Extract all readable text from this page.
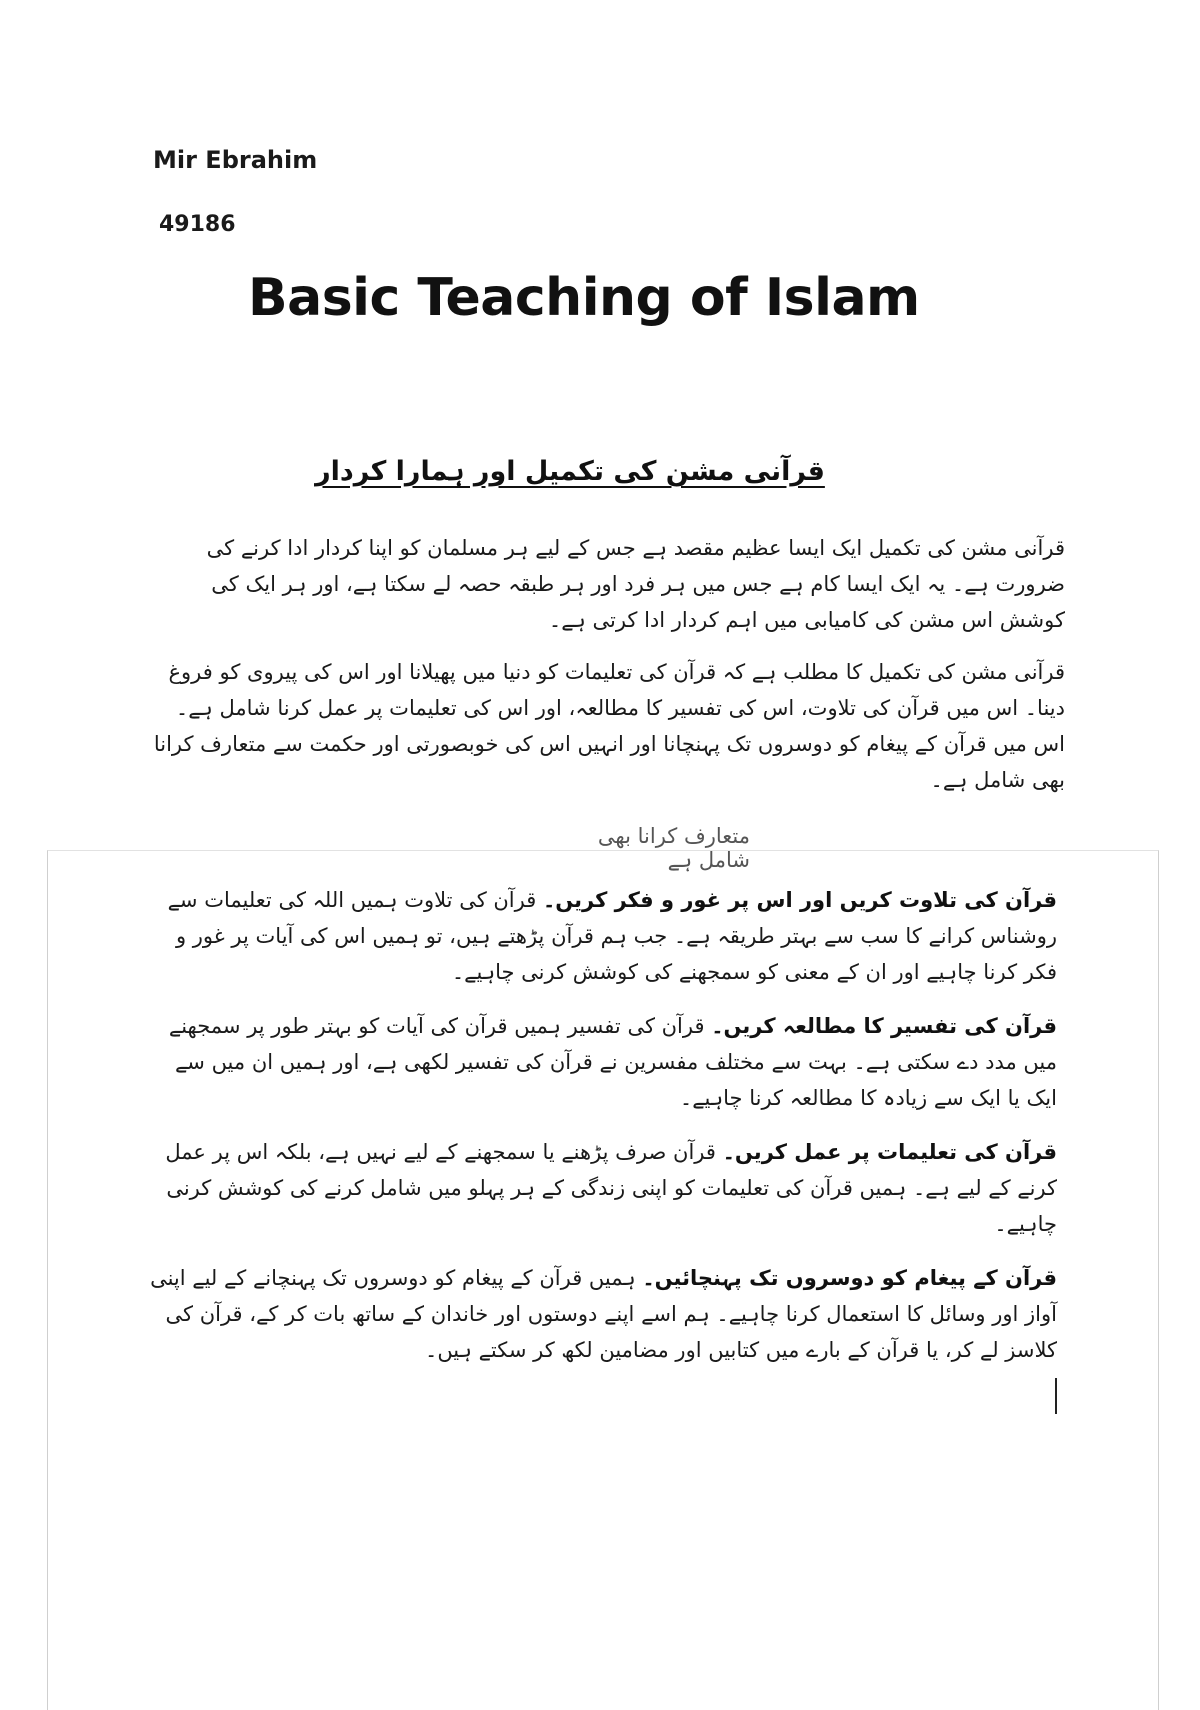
Mir Ebrahim
49186
Basic Teaching of Islam
قرآنی مشن کی تکمیل اور ہمارا کردار

قرآنی مشن کی تکمیل ایک ایسا عظیم مقصد ہے جس کے لیے ہر مسلمان کو اپنا کردار ادا کرنے کی ضرورت ہے۔ یہ ایک ایسا کام ہے جس میں ہر فرد اور ہر طبقہ حصہ لے سکتا ہے، اور ہر ایک کی کوشش اس مشن کی کامیابی میں اہم کردار ادا کرتی ہے۔

قرآنی مشن کی تکمیل کا مطلب ہے کہ قرآن کی تعلیمات کو دنیا میں پھیلانا اور اس کی پیروی کو فروغ دینا۔ اس میں قرآن کی تلاوت، اس کی تفسیر کا مطالعہ، اور اس کی تعلیمات پر عمل کرنا شامل ہے۔ اس میں قرآن کے پیغام کو دوسروں تک پہنچانا اور انہیں اس کی خوبصورتی اور حکمت سے متعارف کرانا بھی شامل ہے۔

متعارف کرانا بھی شامل ہے

قرآن کی تلاوت کریں اور اس پر غور و فکر کریں۔ قرآن کی تلاوت ہمیں اللہ کی تعلیمات سے روشناس کرانے کا سب سے بہتر طریقہ ہے۔ جب ہم قرآن پڑھتے ہیں، تو ہمیں اس کی آیات پر غور و فکر کرنا چاہیے اور ان کے معنی کو سمجھنے کی کوشش کرنی چاہیے۔

قرآن کی تفسیر کا مطالعہ کریں۔ قرآن کی تفسیر ہمیں قرآن کی آیات کو بہتر طور پر سمجھنے میں مدد دے سکتی ہے۔ بہت سے مختلف مفسرین نے قرآن کی تفسیر لکھی ہے، اور ہمیں ان میں سے ایک یا ایک سے زیادہ کا مطالعہ کرنا چاہیے۔

قرآن کی تعلیمات پر عمل کریں۔ قرآن صرف پڑھنے یا سمجھنے کے لیے نہیں ہے، بلکہ اس پر عمل کرنے کے لیے ہے۔ ہمیں قرآن کی تعلیمات کو اپنی زندگی کے ہر پہلو میں شامل کرنے کی کوشش کرنی چاہیے۔

قرآن کے پیغام کو دوسروں تک پہنچائیں۔ ہمیں قرآن کے پیغام کو دوسروں تک پہنچانے کے لیے اپنی آواز اور وسائل کا استعمال کرنا چاہیے۔ ہم اسے اپنے دوستوں اور خاندان کے ساتھ بات کر کے، قرآن کی کلاسز لے کر، یا قرآن کے بارے میں کتابیں اور مضامین لکھ کر سکتے ہیں۔
